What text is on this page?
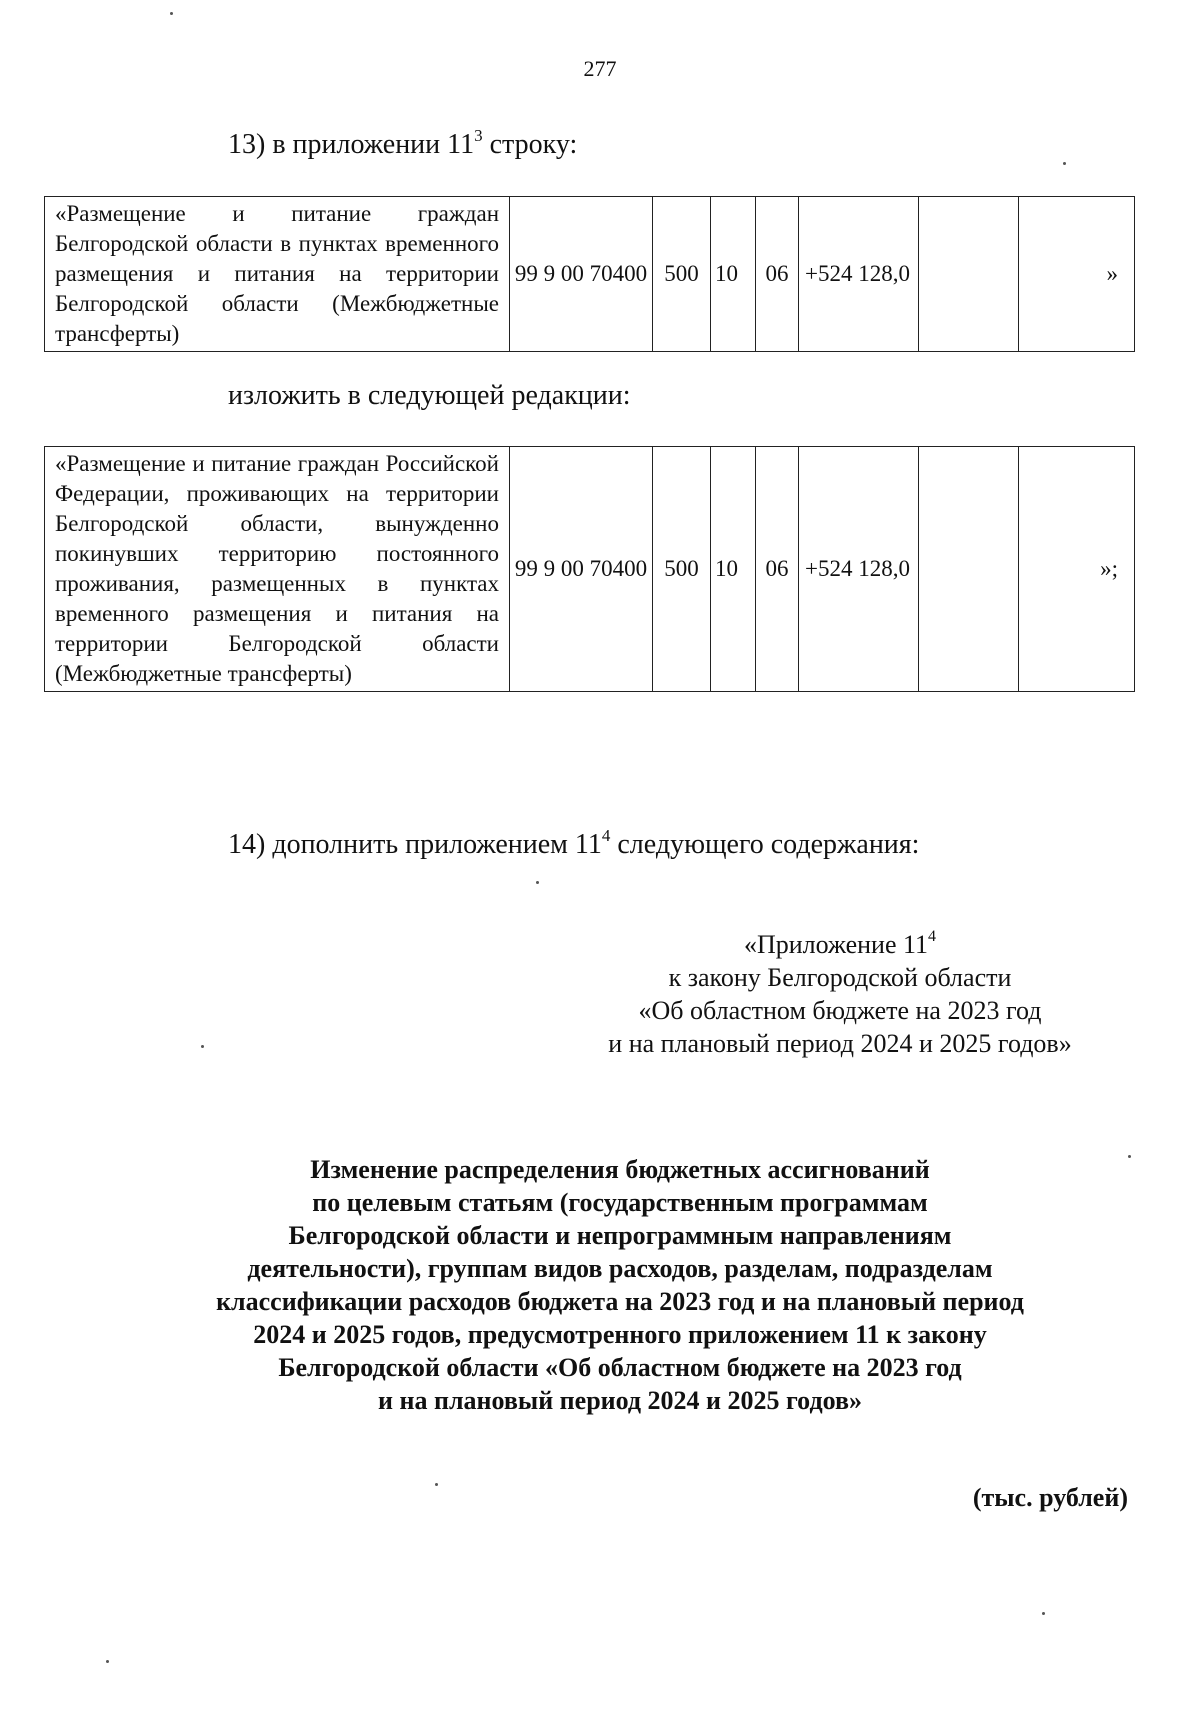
277
13) в приложении $11^3$ строку:
«Размещение и питание граждан Белгородской области в пунктах временного размещения и питания на территории Белгородской области (Межбюджетные трансферты)	99 9 00 70400	500	10	06	+524 128,0		»
изложить в следующей редакции:
«Размещение и питание граждан Российской Федерации, проживающих на территории Белгородской области, вынужденно покинувших территорию постоянного проживания, размещенных в пунктах временного размещения и питания на территории Белгородской области (Межбюджетные трансферты)	99 9 00 70400	500	10	06	+524 128,0		»;
14) дополнить приложением $11^4$ следующего содержания:
«Приложение $11^4$
к закону Белгородской области
«Об областном бюджете на 2023 год
и на плановый период 2024 и 2025 годов»
Изменение распределения бюджетных ассигнований
по целевым статьям (государственным программам
Белгородской области и непрограммным направлениям
деятельности), группам видов расходов, разделам, подразделам
классификации расходов бюджета на 2023 год и на плановый период
2024 и 2025 годов, предусмотренного приложением 11 к закону
Белгородской области «Об областном бюджете на 2023 год
и на плановый период 2024 и 2025 годов»
(тыс. рублей)
